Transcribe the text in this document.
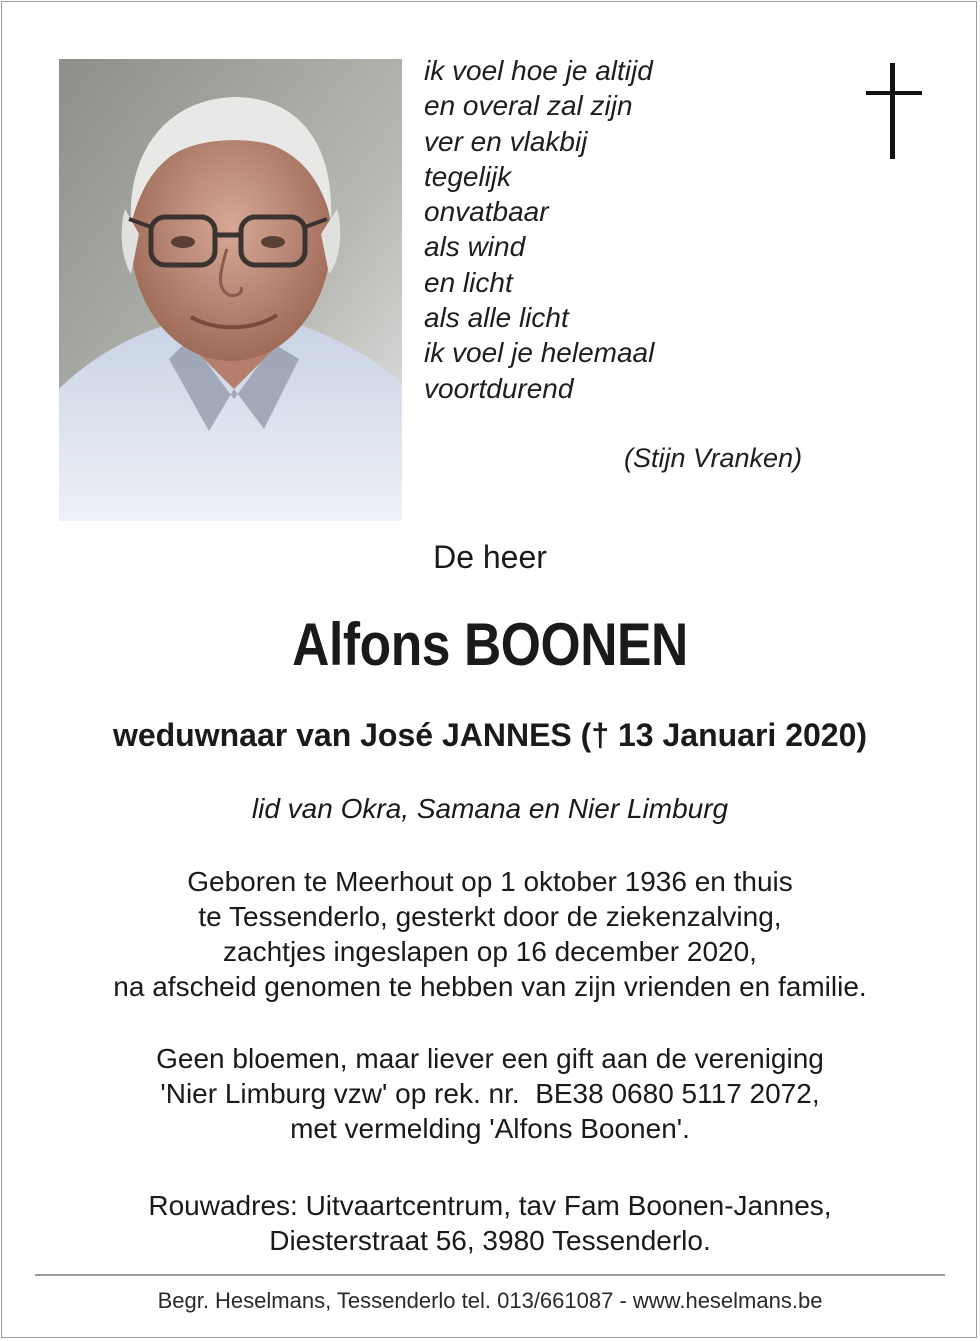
ik voel hoe je altijd
en overal zal zijn
ver en vlakbij
tegelijk
onvatbaar
als wind
en licht
als alle licht
ik voel je helemaal
voortdurend
(Stijn Vranken)
De heer
Alfons BOONEN
weduwnaar van José JANNES († 13 Januari 2020)
lid van Okra, Samana en Nier Limburg
Geboren te Meerhout op 1 oktober 1936 en thuis
te Tessenderlo, gesterkt door de ziekenzalving,
zachtjes ingeslapen op 16 december 2020,
na afscheid genomen te hebben van zijn vrienden en familie.
Geen bloemen, maar liever een gift aan de vereniging
'Nier Limburg vzw' op rek. nr.  BE38 0680 5117 2072,
met vermelding 'Alfons Boonen'.
Rouwadres: Uitvaartcentrum, tav Fam Boonen-Jannes,
Diesterstraat 56, 3980 Tessenderlo.
Begr. Heselmans, Tessenderlo tel. 013/661087 - www.heselmans.be
